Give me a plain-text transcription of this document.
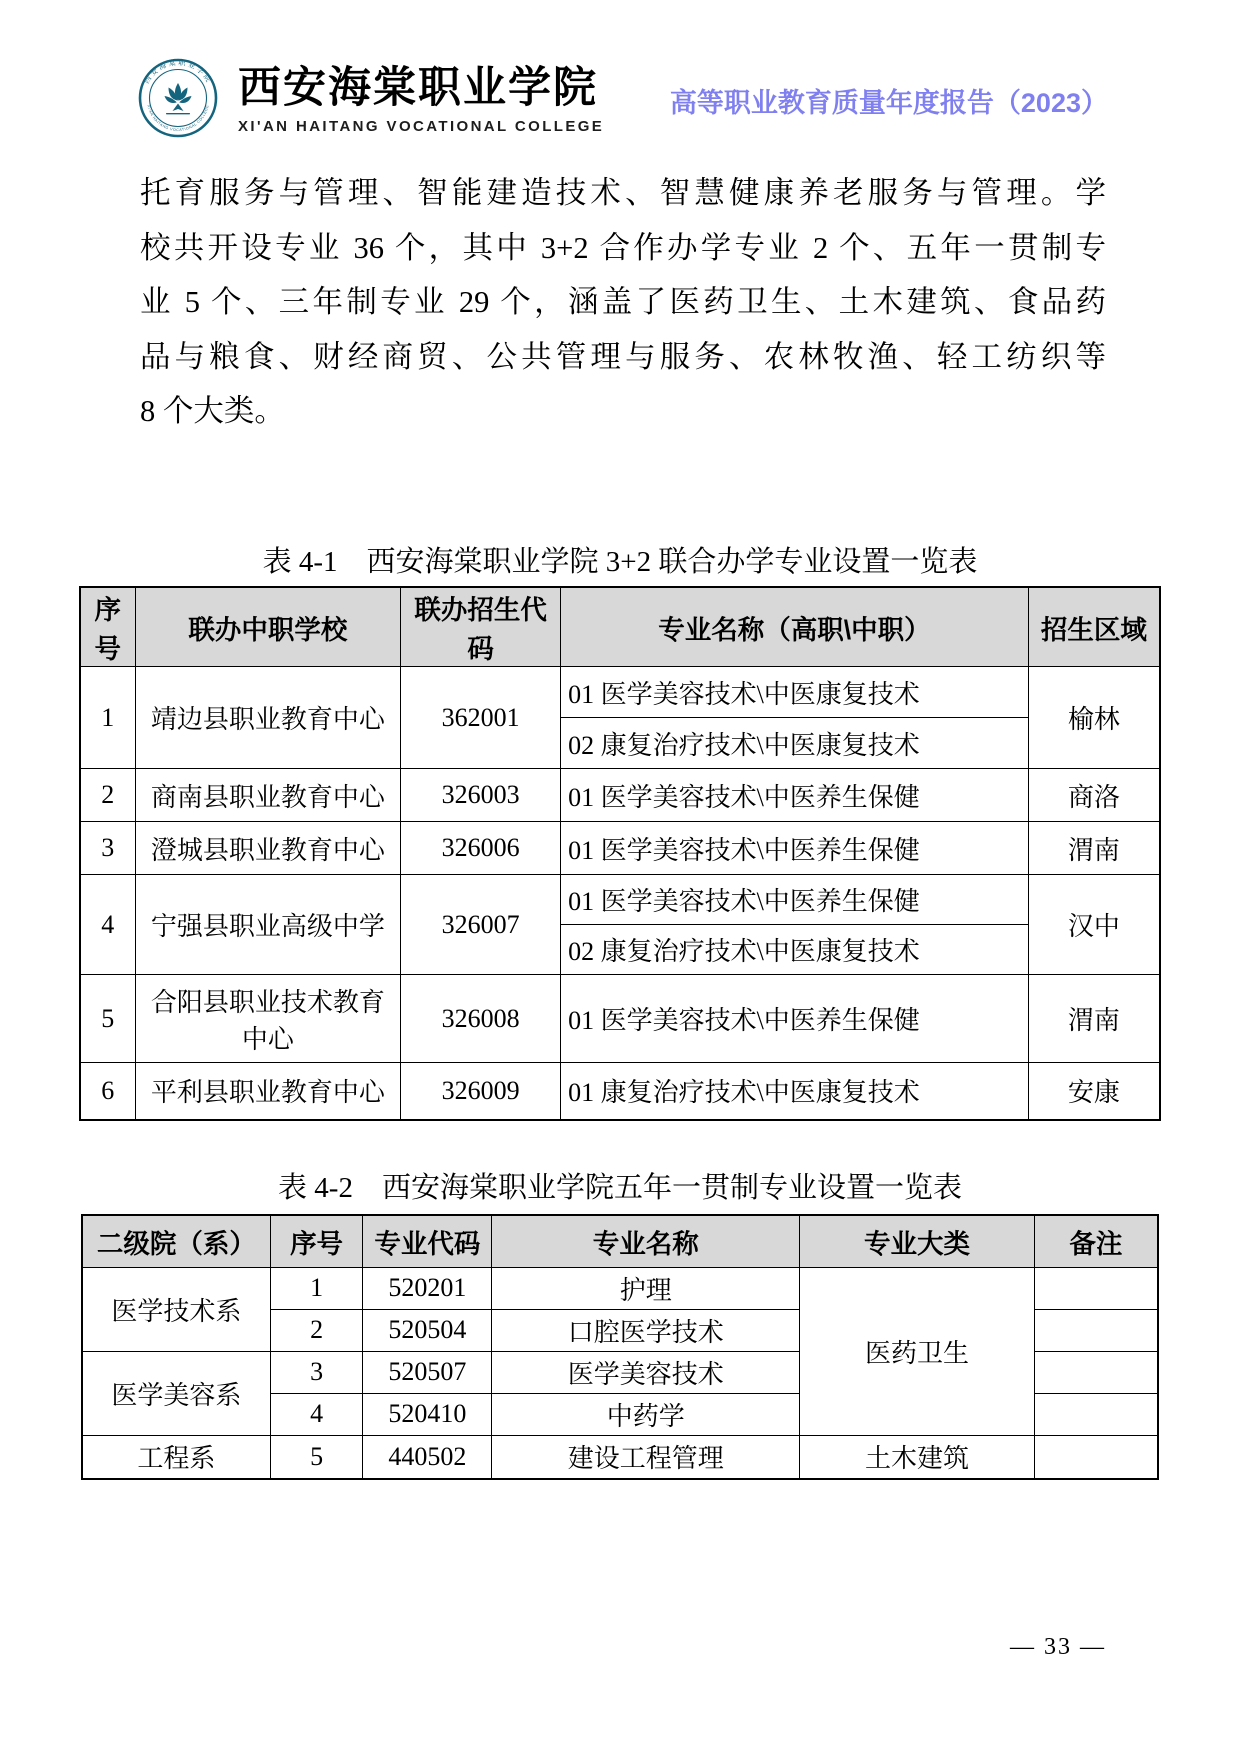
西安海棠职业学院
XI'AN HAITANG VOCATIONAL COLLEGE 西安海棠职业学院
XI'AN HAITANG VOCATIONAL COLLEGE
高等职业教育质量年度报告（2023）
托育服务与管理、智能建造技术、智慧健康养老服务与管理。学
校共开设专业 36 个，其中 3+2 合作办学专业 2 个、五年一贯制专
业 5 个、三年制专业 29 个，涵盖了医药卫生、土木建筑、食品药
品与粮食、财经商贸、公共管理与服务、农林牧渔、轻工纺织等
8 个大类。
表 4-1　西安海棠职业学院 3+2 联合办学专业设置一览表
序号	联办中职学校	联办招生代码	专业名称（高职\中职）	招生区域
1	靖边县职业教育中心	362001	01 医学美容技术\中医康复技术	榆林
			02 康复治疗技术\中医康复技术	
2	商南县职业教育中心	326003	01 医学美容技术\中医养生保健	商洛
3	澄城县职业教育中心	326006	01 医学美容技术\中医养生保健	渭南
4	宁强县职业高级中学	326007	01 医学美容技术\中医养生保健	汉中
			02 康复治疗技术\中医康复技术	
5	合阳县职业技术教育中心	326008	01 医学美容技术\中医养生保健	渭南
6	平利县职业教育中心	326009	01 康复治疗技术\中医康复技术	安康
表 4-2　西安海棠职业学院五年一贯制专业设置一览表
二级院（系）	序号	专业代码	专业名称	专业大类	备注
医学技术系	1	520201	护理	医药卫生	
	2	520504	口腔医学技术		
医学美容系	3	520507	医学美容技术		
	4	520410	中药学		
工程系	5	440502	建设工程管理	土木建筑	
— 33 —
